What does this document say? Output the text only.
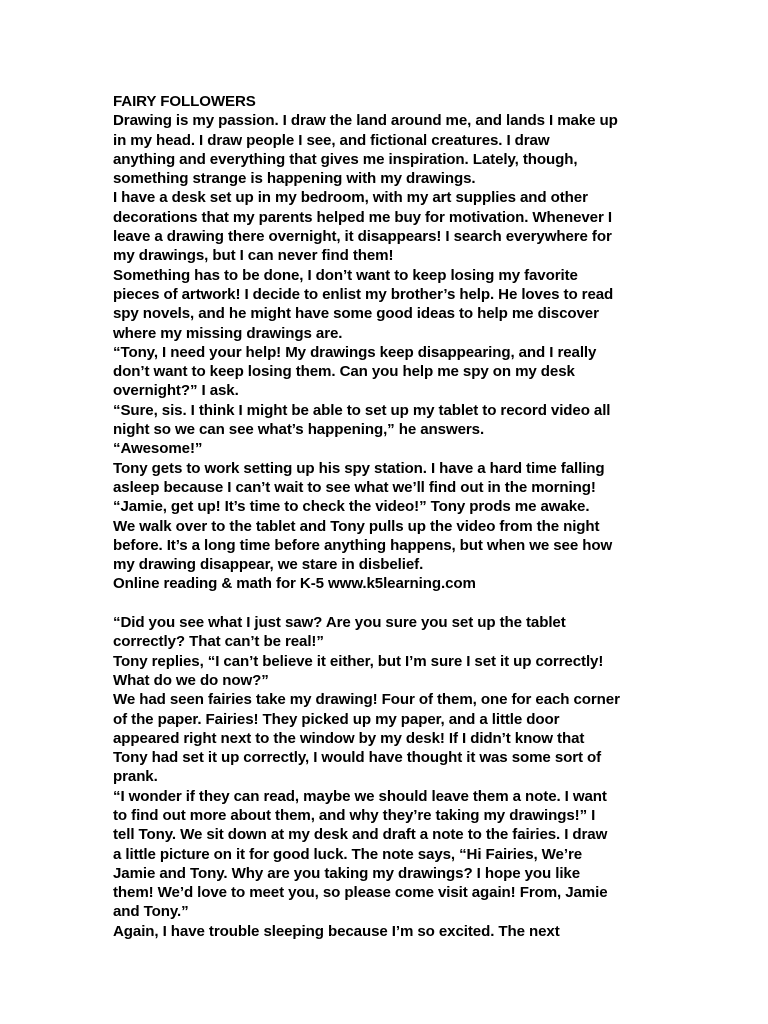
FAIRY FOLLOWERS
Drawing is my passion. I draw the land around me, and lands I make up
in my head. I draw people I see, and fictional creatures. I draw
anything and everything that gives me inspiration. Lately, though,
something strange is happening with my drawings.
I have a desk set up in my bedroom, with my art supplies and other
decorations that my parents helped me buy for motivation. Whenever I
leave a drawing there overnight, it disappears! I search everywhere for
my drawings, but I can never find them!
Something has to be done, I don’t want to keep losing my favorite
pieces of artwork! I decide to enlist my brother’s help. He loves to read
spy novels, and he might have some good ideas to help me discover
where my missing drawings are.
“Tony, I need your help! My drawings keep disappearing, and I really
don’t want to keep losing them. Can you help me spy on my desk
overnight?” I ask.
“Sure, sis. I think I might be able to set up my tablet to record video all
night so we can see what’s happening,” he answers.
“Awesome!”
Tony gets to work setting up his spy station. I have a hard time falling
asleep because I can’t wait to see what we’ll find out in the morning!
“Jamie, get up! It’s time to check the video!” Tony prods me awake.
We walk over to the tablet and Tony pulls up the video from the night
before. It’s a long time before anything happens, but when we see how
my drawing disappear, we stare in disbelief.
Online reading & math for K-5 www.k5learning.com
“Did you see what I just saw? Are you sure you set up the tablet
correctly? That can’t be real!”
Tony replies, “I can’t believe it either, but I’m sure I set it up correctly!
What do we do now?”
We had seen fairies take my drawing! Four of them, one for each corner
of the paper. Fairies! They picked up my paper, and a little door
appeared right next to the window by my desk! If I didn’t know that
Tony had set it up correctly, I would have thought it was some sort of
prank.
“I wonder if they can read, maybe we should leave them a note. I want
to find out more about them, and why they’re taking my drawings!” I
tell Tony. We sit down at my desk and draft a note to the fairies. I draw
a little picture on it for good luck. The note says, “Hi Fairies, We’re
Jamie and Tony. Why are you taking my drawings? I hope you like
them! We’d love to meet you, so please come visit again! From, Jamie
and Tony.”
Again, I have trouble sleeping because I’m so excited. The next
